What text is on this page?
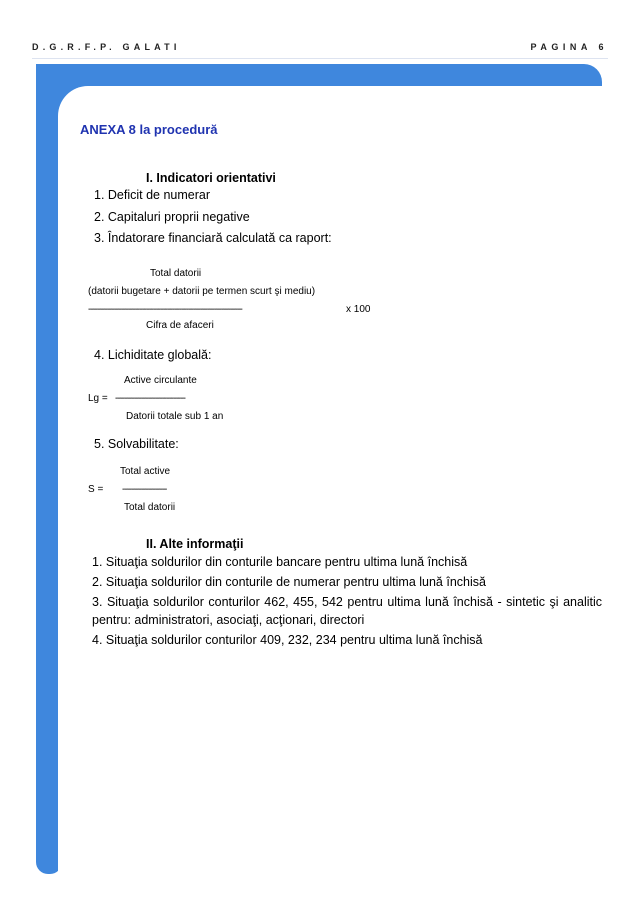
D.G.R.F.P. GALATI	PAGINA 6
ANEXA 8 la procedură
I. Indicatori orientativi
1. Deficit de numerar
2. Capitaluri proprii negative
3. Îndatorare financiară calculată ca raport:
Total datorii
(datorii bugetare + datorii pe termen scurt şi mediu)
------------------------------------------------------------------	x 100
Cifra de afaceri
4. Lichiditate globală:
Active circulante
Lg = ------------------------------
Datorii totale sub 1 an
5. Solvabilitate:
Total active
S = -------------------
Total datorii
II. Alte informaţii
1. Situaţia soldurilor din conturile bancare pentru ultima lună închisă
2. Situaţia soldurilor din conturile de numerar pentru ultima lună închisă
3. Situaţia soldurilor conturilor 462, 455, 542 pentru ultima lună închisă - sintetic şi analitic pentru: administratori, asociaţi, acţionari, directori
4. Situaţia soldurilor conturilor 409, 232, 234 pentru ultima lună închisă
